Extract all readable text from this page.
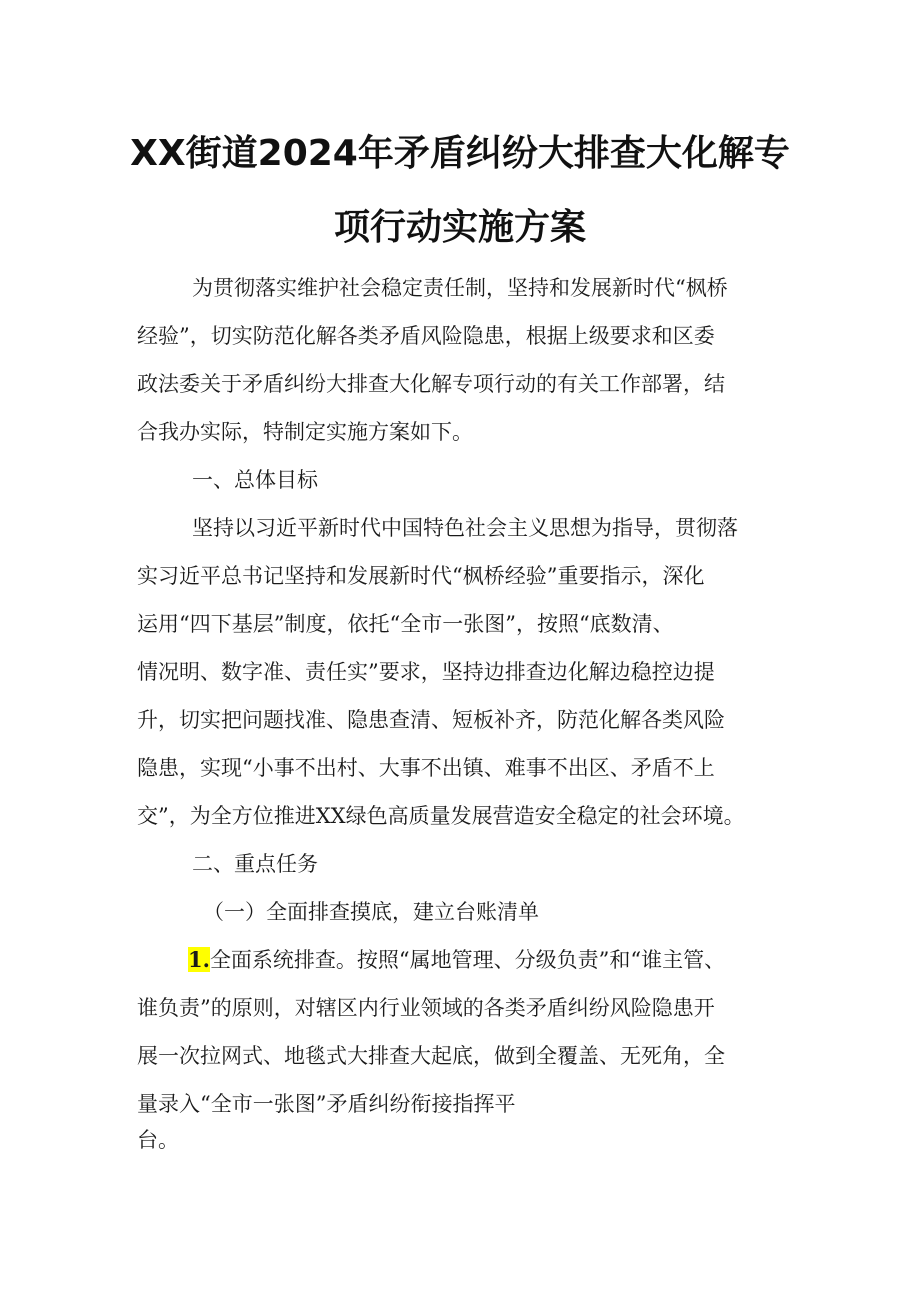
XX街道2024年矛盾纠纷大排查大化解专
项行动实施方案
为贯彻落实维护社会稳定责任制，坚持和发展新时代“枫桥
经验”，切实防范化解各类矛盾风险隐患，根据上级要求和区委
政法委关于矛盾纠纷大排查大化解专项行动的有关工作部署，结
合我办实际，特制定实施方案如下。
一、总体目标
坚持以习近平新时代中国特色社会主义思想为指导，贯彻落
实习近平总书记坚持和发展新时代“枫桥经验”重要指示，深化
运用“四下基层”制度，依托“全市一张图”，按照“底数清、
情况明、数字准、责任实”要求，坚持边排查边化解边稳控边提
升，切实把问题找准、隐患查清、短板补齐，防范化解各类风险
隐患，实现“小事不出村、大事不出镇、难事不出区、矛盾不上
交”，为全方位推进XX绿色高质量发展营造安全稳定的社会环境。
二、重点任务
（一）全面排查摸底，建立台账清单
1.全面系统排查。按照“属地管理、分级负责”和“谁主管、
谁负责”的原则，对辖区内行业领域的各类矛盾纠纷风险隐患开
展一次拉网式、地毯式大排查大起底，做到全覆盖、无死角，全
量录入“全市一张图”矛盾纠纷衔接指挥平
台。
